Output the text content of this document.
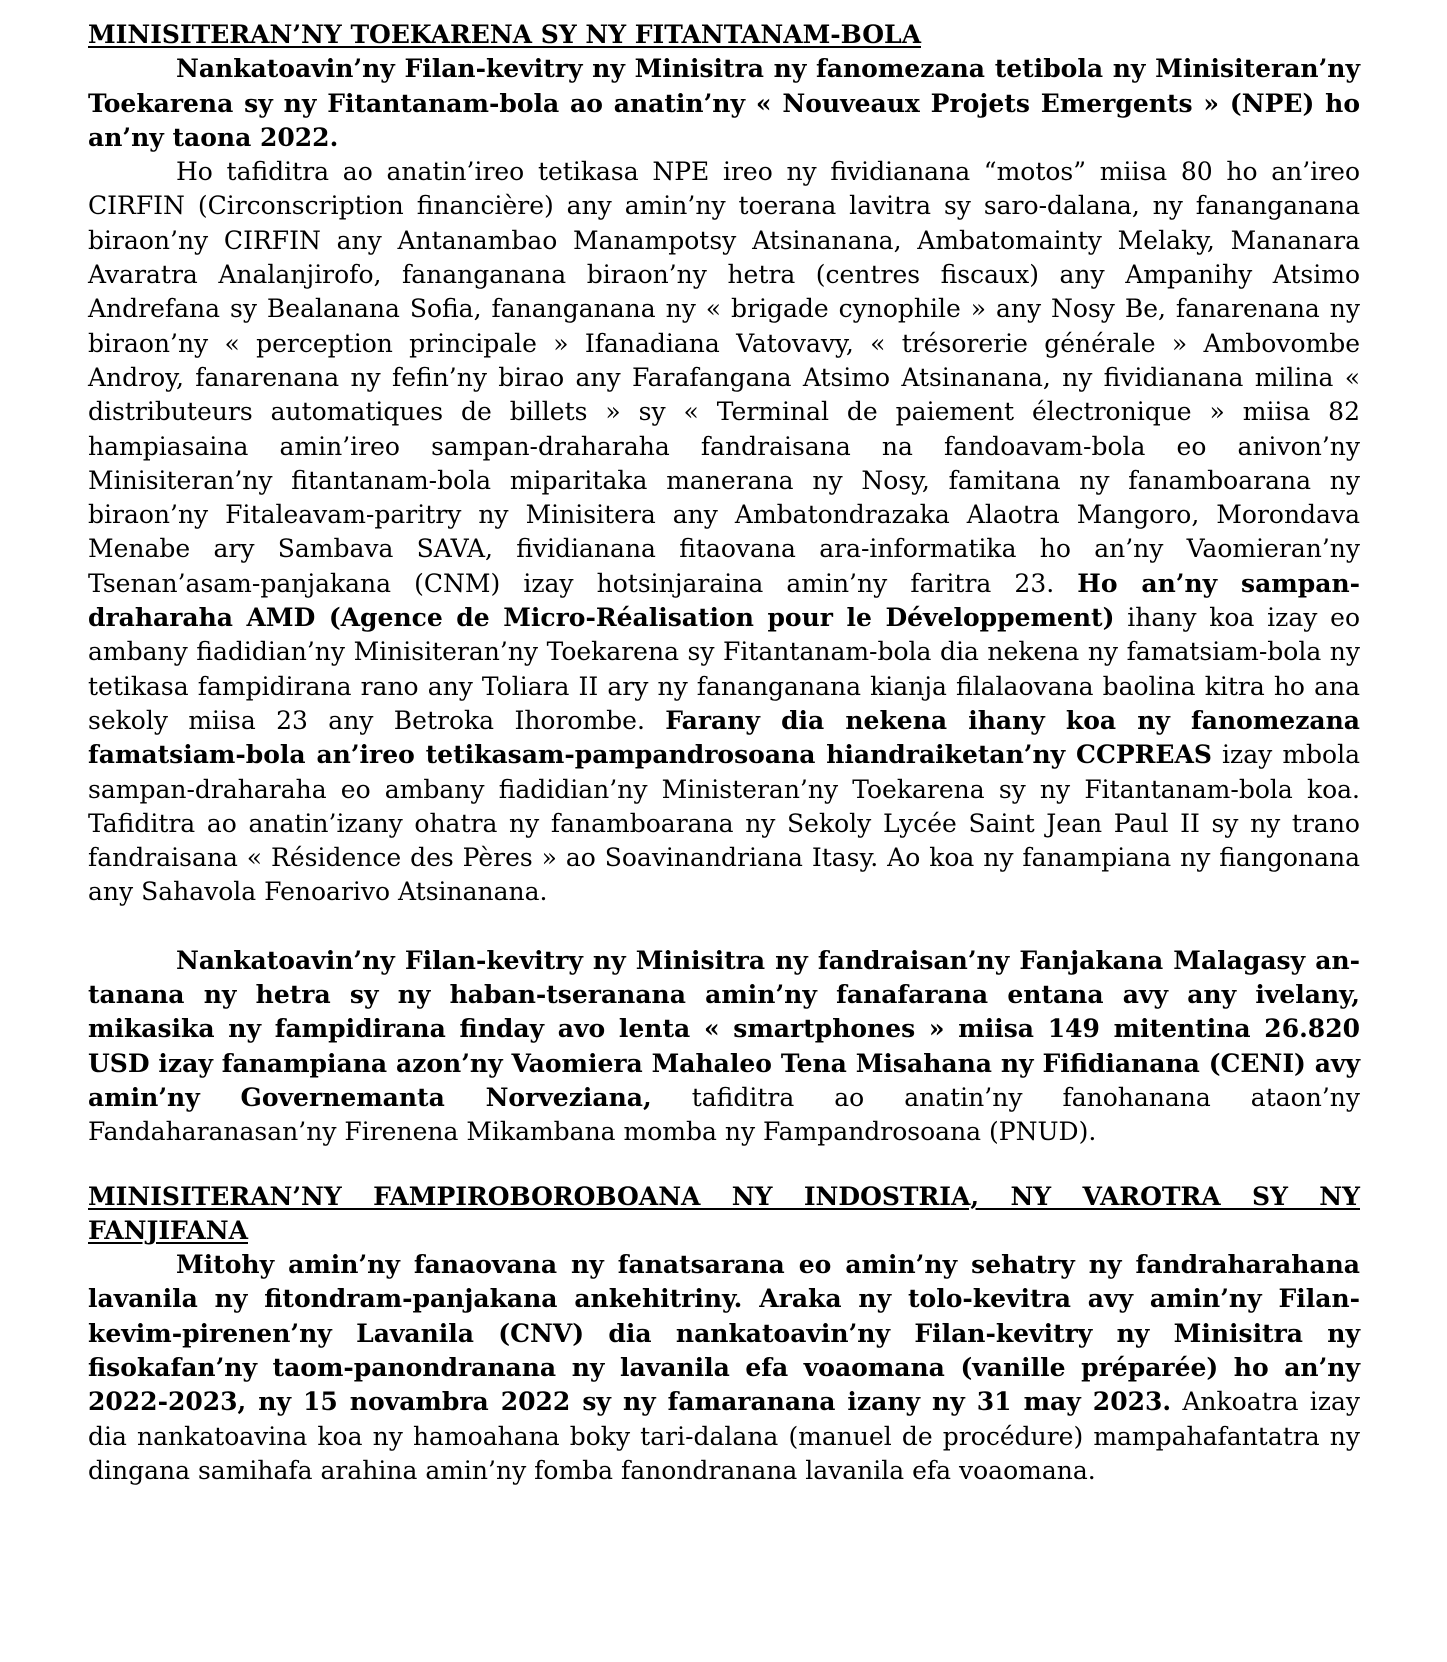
MINISITERAN’NY TOEKARENA SY NY FITANTANAM-BOLA

Nankatoavin’ny Filan-kevitry ny Minisitra ny fanomezana tetibola ny Minisiteran’ny Toekarena sy ny Fitantanam-bola ao anatin’ny « Nouveaux Projets Emergents » (NPE) ho an’ny taona 2022.

Ho tafiditra ao anatin’ireo tetikasa NPE ireo ny fividianana “motos” miisa 80 ho an’ireo CIRFIN (Circonscription financière) any amin’ny toerana lavitra sy saro-dalana, ny fananganana biraon’ny CIRFIN any Antanambao Manampotsy Atsinanana, Ambatomainty Melaky, Mananara Avaratra Analanjirofo, fananganana biraon’ny hetra (centres fiscaux) any Ampanihy Atsimo Andrefana sy Bealanana Sofia, fananganana ny « brigade cynophile » any Nosy Be, fanarenana ny biraon’ny « perception principale » Ifanadiana Vatovavy, « trésorerie générale » Ambovombe Androy, fanarenana ny fefin’ny birao any Farafangana Atsimo Atsinanana, ny fividianana milina « distributeurs automatiques de billets » sy « Terminal de paiement électronique » miisa 82 hampiasaina amin’ireo sampan-draharaha fandraisana na fandoavam-bola eo anivon’ny Minisiteran’ny fitantanam-bola miparitaka manerana ny Nosy, famitana ny fanamboarana ny biraon’ny Fitaleavam-paritry ny Minisitera any Ambatondrazaka Alaotra Mangoro, Morondava Menabe ary Sambava SAVA, fividianana fitaovana ara-informatika ho an’ny Vaomieran’ny Tsenan’asam-panjakana (CNM) izay hotsinjaraina amin’ny faritra 23. Ho an’ny sampan-draharaha AMD (Agence de Micro-Réalisation pour le Développement) ihany koa izay eo ambany fiadidian’ny Minisiteran’ny Toekarena sy Fitantanam-bola dia nekena ny famatsiam-bola ny tetikasa fampidirana rano any Toliara II ary ny fananganana kianja filalaovana baolina kitra ho ana sekoly miisa 23 any Betroka Ihorombe. Farany dia nekena ihany koa ny fanomezana famatsiam-bola an’ireo tetikasam-pampandrosoana hiandraiketan’ny CCPREAS izay mbola sampan-draharaha eo ambany fiadidian’ny Ministeran’ny Toekarena sy ny Fitantanam-bola koa. Tafiditra ao anatin’izany ohatra ny fanamboarana ny Sekoly Lycée Saint Jean Paul II sy ny trano fandraisana « Résidence des Pères » ao Soavinandriana Itasy. Ao koa ny fanampiana ny fiangonana any Sahavola Fenoarivo Atsinanana.

Nankatoavin’ny Filan-kevitry ny Minisitra ny fandraisan’ny Fanjakana Malagasy an-tanana ny hetra sy ny haban-tseranana amin’ny fanafarana entana avy any ivelany, mikasika ny fampidirana finday avo lenta « smartphones » miisa 149 mitentina 26.820 USD izay fanampiana azon’ny Vaomiera Mahaleo Tena Misahana ny Fifidianana (CENI) avy amin’ny Governemanta Norveziana, tafiditra ao anatin’ny fanohanana ataon’ny Fandaharanasan’ny Firenena Mikambana momba ny Fampandrosoana (PNUD).

MINISITERAN’NY FAMPIROBOROBOANA NY INDOSTRIA, NY VAROTRA SY NY FANJIFANA

Mitohy amin’ny fanaovana ny fanatsarana eo amin’ny sehatry ny fandraharahana lavanila ny fitondram-panjakana ankehitriny. Araka ny tolo-kevitra avy amin’ny Filan-kevim-pirenen’ny Lavanila (CNV) dia nankatoavin’ny Filan-kevitry ny Minisitra ny fisokafan’ny taom-panondranana ny lavanila efa voaomana (vanille préparée) ho an’ny 2022-2023, ny 15 novambra 2022 sy ny famaranana izany ny 31 may 2023. Ankoatra izay dia nankatoavina koa ny hamoahana boky tari-dalana (manuel de procédure) mampahafantatra ny dingana samihafa arahina amin’ny fomba fanondranana lavanila efa voaomana.
